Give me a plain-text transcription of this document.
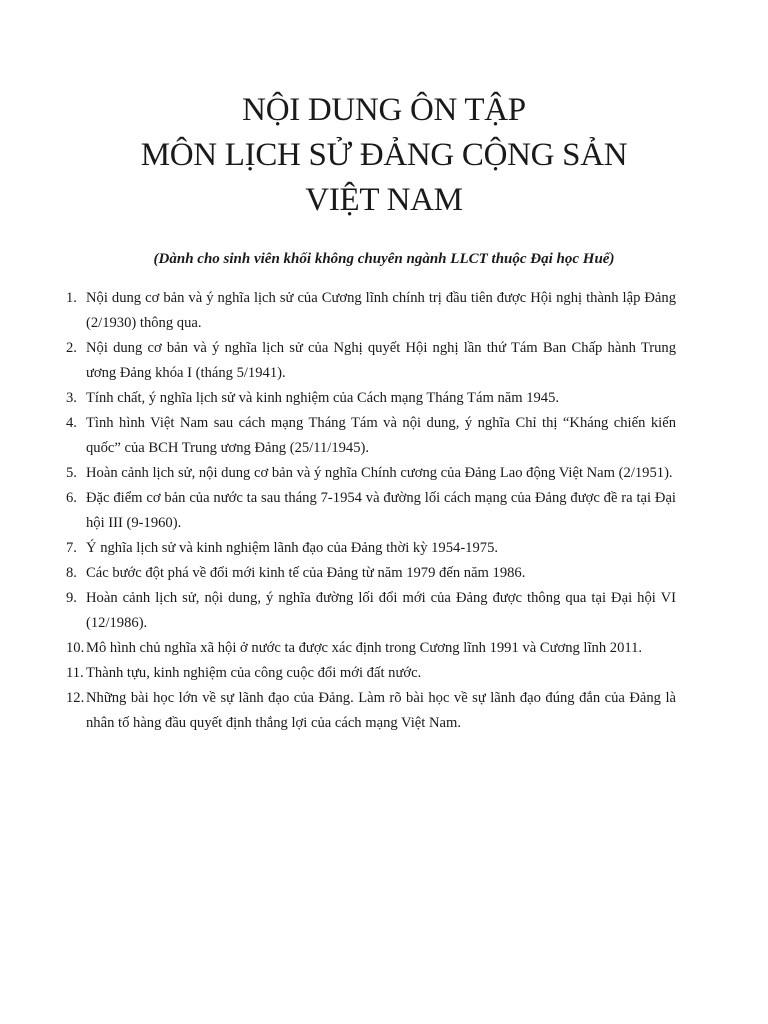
NỘI DUNG ÔN TẬP
MÔN LỊCH SỬ ĐẢNG CỘNG SẢN
VIỆT NAM

(Dành cho sinh viên khối không chuyên ngành LLCT thuộc Đại học Huế)

1. Nội dung cơ bản và ý nghĩa lịch sử của Cương lĩnh chính trị đầu tiên được Hội nghị thành lập Đảng (2/1930) thông qua.
2. Nội dung cơ bản và ý nghĩa lịch sử của Nghị quyết Hội nghị lần thứ Tám Ban Chấp hành Trung ương Đảng khóa I (tháng 5/1941).
3. Tính chất, ý nghĩa lịch sử và kinh nghiệm của Cách mạng Tháng Tám năm 1945.
4. Tình hình Việt Nam sau cách mạng Tháng Tám và nội dung, ý nghĩa Chỉ thị “Kháng chiến kiến quốc” của BCH Trung ương Đảng (25/11/1945).
5. Hoàn cảnh lịch sử, nội dung cơ bản và ý nghĩa Chính cương của Đảng Lao động Việt Nam (2/1951).
6. Đặc điểm cơ bản của nước ta sau tháng 7-1954 và đường lối cách mạng của Đảng được đề ra tại Đại hội III (9-1960).
7. Ý nghĩa lịch sử và kinh nghiệm lãnh đạo của Đảng thời kỳ 1954-1975.
8. Các bước đột phá về đổi mới kinh tế của Đảng từ năm 1979 đến năm 1986.
9. Hoàn cảnh lịch sử, nội dung, ý nghĩa đường lối đổi mới của Đảng được thông qua tại Đại hội VI (12/1986).
10. Mô hình chủ nghĩa xã hội ở nước ta được xác định trong Cương lĩnh 1991 và Cương lĩnh 2011.
11. Thành tựu, kinh nghiệm của công cuộc đổi mới đất nước.
12. Những bài học lớn về sự lãnh đạo của Đảng. Làm rõ bài học về sự lãnh đạo đúng đắn của Đảng là nhân tố hàng đầu quyết định thắng lợi của cách mạng Việt Nam.
